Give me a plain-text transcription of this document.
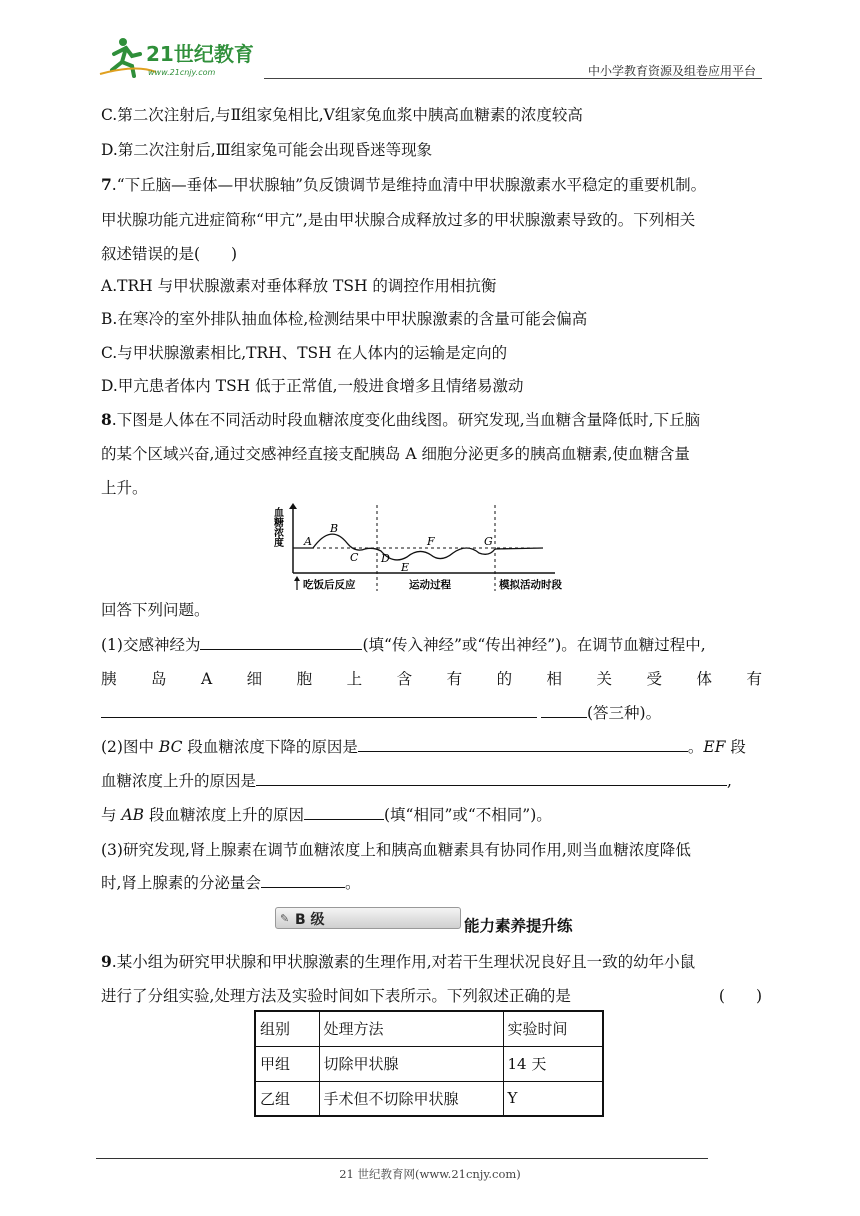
21世纪教育
www.21cnjy.com	中小学教育资源及组卷应用平台
C.第二次注射后,与Ⅱ组家兔相比,Ⅴ组家兔血浆中胰高血糖素的浓度较高
D.第二次注射后,Ⅲ组家兔可能会出现昏迷等现象
7.“下丘脑—垂体—甲状腺轴”负反馈调节是维持血清中甲状腺激素水平稳定的重要机制。
甲状腺功能亢进症简称“甲亢”,是由甲状腺合成释放过多的甲状腺激素导致的。下列相关
叙述错误的是(　　)
A.TRH 与甲状腺激素对垂体释放 TSH 的调控作用相抗衡
B.在寒冷的室外排队抽血体检,检测结果中甲状腺激素的含量可能会偏高
C.与甲状腺激素相比,TRH、TSH 在人体内的运输是定向的
D.甲亢患者体内 TSH 低于正常值,一般进食增多且情绪易激动
8.下图是人体在不同活动时段血糖浓度变化曲线图。研究发现,当血糖含量降低时,下丘脑
的某个区域兴奋,通过交感神经直接支配胰岛 A 细胞分泌更多的胰高血糖素,使血糖含量
上升。
血糖浓度 A
B
C D
E
F	G
吃饭后反应	运动过程	模拟活动时段
回答下列问题。
(1)交感神经为	(填“传入神经”或“传出神经”)。在调节血糖过程中,
胰 岛 A 细 胞 上 含 有 的 相 关 受 体 有
(答三种)。
(2)图中 BC 段血糖浓度下降的原因是	。EF 段
血糖浓度上升的原因是	,
与 AB 段血糖浓度上升的原因	(填“相同”或“不相同”)。
(3)研究发现,肾上腺素在调节血糖浓度上和胰高血糖素具有协同作用,则当血糖浓度降低
时,肾上腺素的分泌量会	。
✎ B 级	能力素养提升练
9.某小组为研究甲状腺和甲状腺激素的生理作用,对若干生理状况良好且一致的幼年小鼠
进行了分组实验,处理方法及实验时间如下表所示。下列叙述正确的是	(　　)
组别	处理方法	实验时间
甲组	切除甲状腺	14 天
乙组	手术但不切除甲状腺	Y
21 世纪教育网(www.21cnjy.com)
